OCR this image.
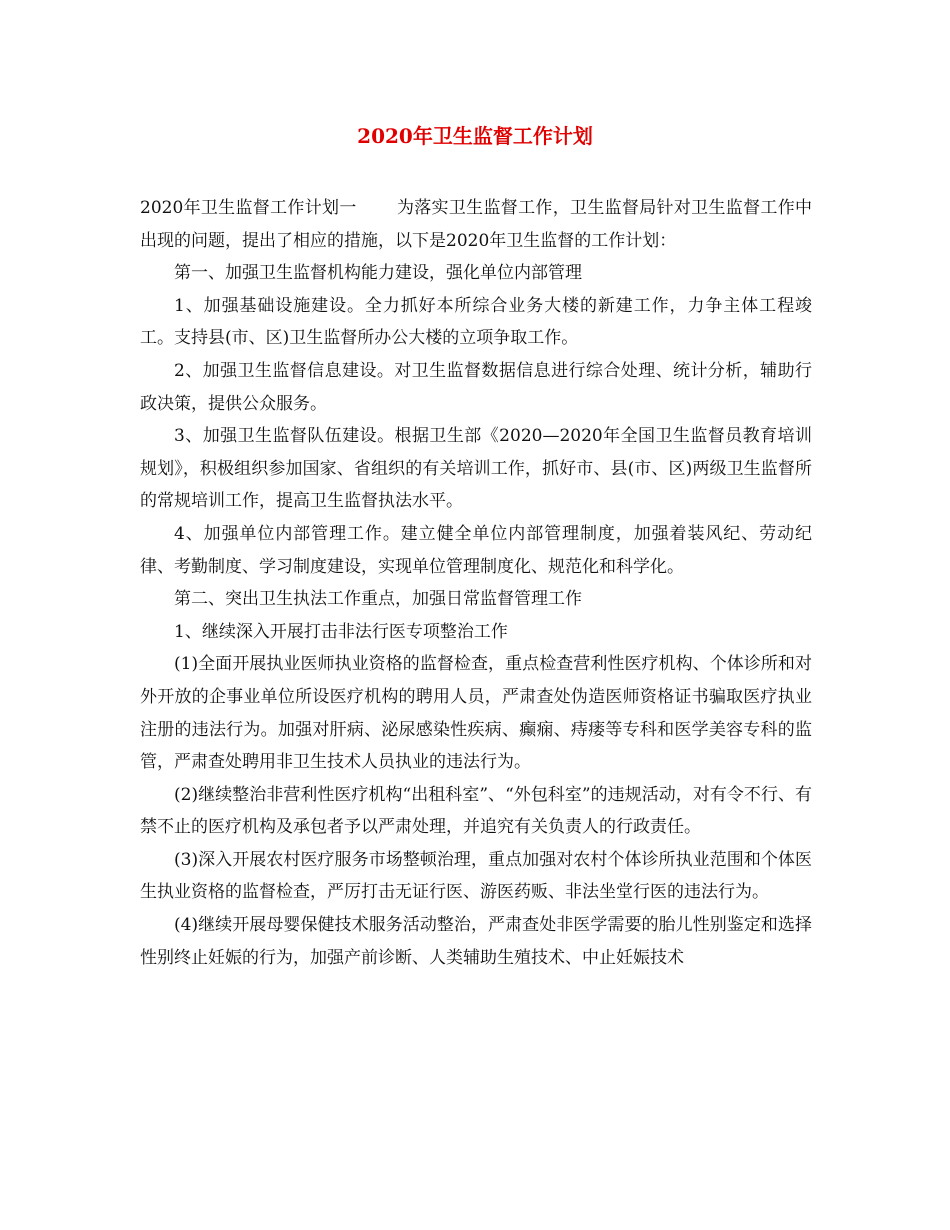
2020年卫生监督工作计划

2020年卫生监督工作计划一 为落实卫生监督工作，卫生监督局针对卫生监督工作中出现的问题，提出了相应的措施，以下是2020年卫生监督的工作计划：

第一、加强卫生监督机构能力建设，强化单位内部管理

1、加强基础设施建设。全力抓好本所综合业务大楼的新建工作，力争主体工程竣工。支持县(市、区)卫生监督所办公大楼的立项争取工作。

2、加强卫生监督信息建设。对卫生监督数据信息进行综合处理、统计分析，辅助行政决策，提供公众服务。

3、加强卫生监督队伍建设。根据卫生部《2020—2020年全国卫生监督员教育培训规划》，积极组织参加国家、省组织的有关培训工作，抓好市、县(市、区)两级卫生监督所的常规培训工作，提高卫生监督执法水平。

4、加强单位内部管理工作。建立健全单位内部管理制度，加强着装风纪、劳动纪律、考勤制度、学习制度建设，实现单位管理制度化、规范化和科学化。

第二、突出卫生执法工作重点，加强日常监督管理工作

1、继续深入开展打击非法行医专项整治工作

(1)全面开展执业医师执业资格的监督检查，重点检查营利性医疗机构、个体诊所和对外开放的企事业单位所设医疗机构的聘用人员，严肃查处伪造医师资格证书骗取医疗执业注册的违法行为。加强对肝病、泌尿感染性疾病、癫痫、痔瘘等专科和医学美容专科的监管，严肃查处聘用非卫生技术人员执业的违法行为。

(2)继续整治非营利性医疗机构“出租科室”、“外包科室”的违规活动，对有令不行、有禁不止的医疗机构及承包者予以严肃处理，并追究有关负责人的行政责任。

(3)深入开展农村医疗服务市场整顿治理，重点加强对农村个体诊所执业范围和个体医生执业资格的监督检查，严厉打击无证行医、游医药贩、非法坐堂行医的违法行为。

(4)继续开展母婴保健技术服务活动整治，严肃查处非医学需要的胎儿性别鉴定和选择性别终止妊娠的行为，加强产前诊断、人类辅助生殖技术、中止妊娠技术
